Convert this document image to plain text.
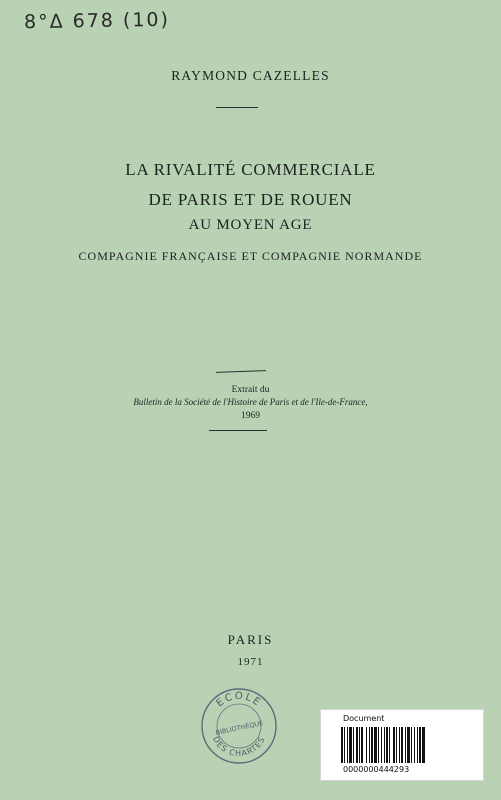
8°Δ 678 (10)
RAYMOND CAZELLES
LA RIVALITÉ COMMERCIALE
DE PARIS ET DE ROUEN
AU MOYEN AGE
COMPAGNIE FRANÇAISE ET COMPAGNIE NORMANDE
Extrait du
Bulletin de la Société de l'Histoire de Paris et de l'Ile-de-France,
1969
PARIS
1971
ECOLE
BIBLIOTHÈQUE
DES CHARTES
Document
0000000444293
